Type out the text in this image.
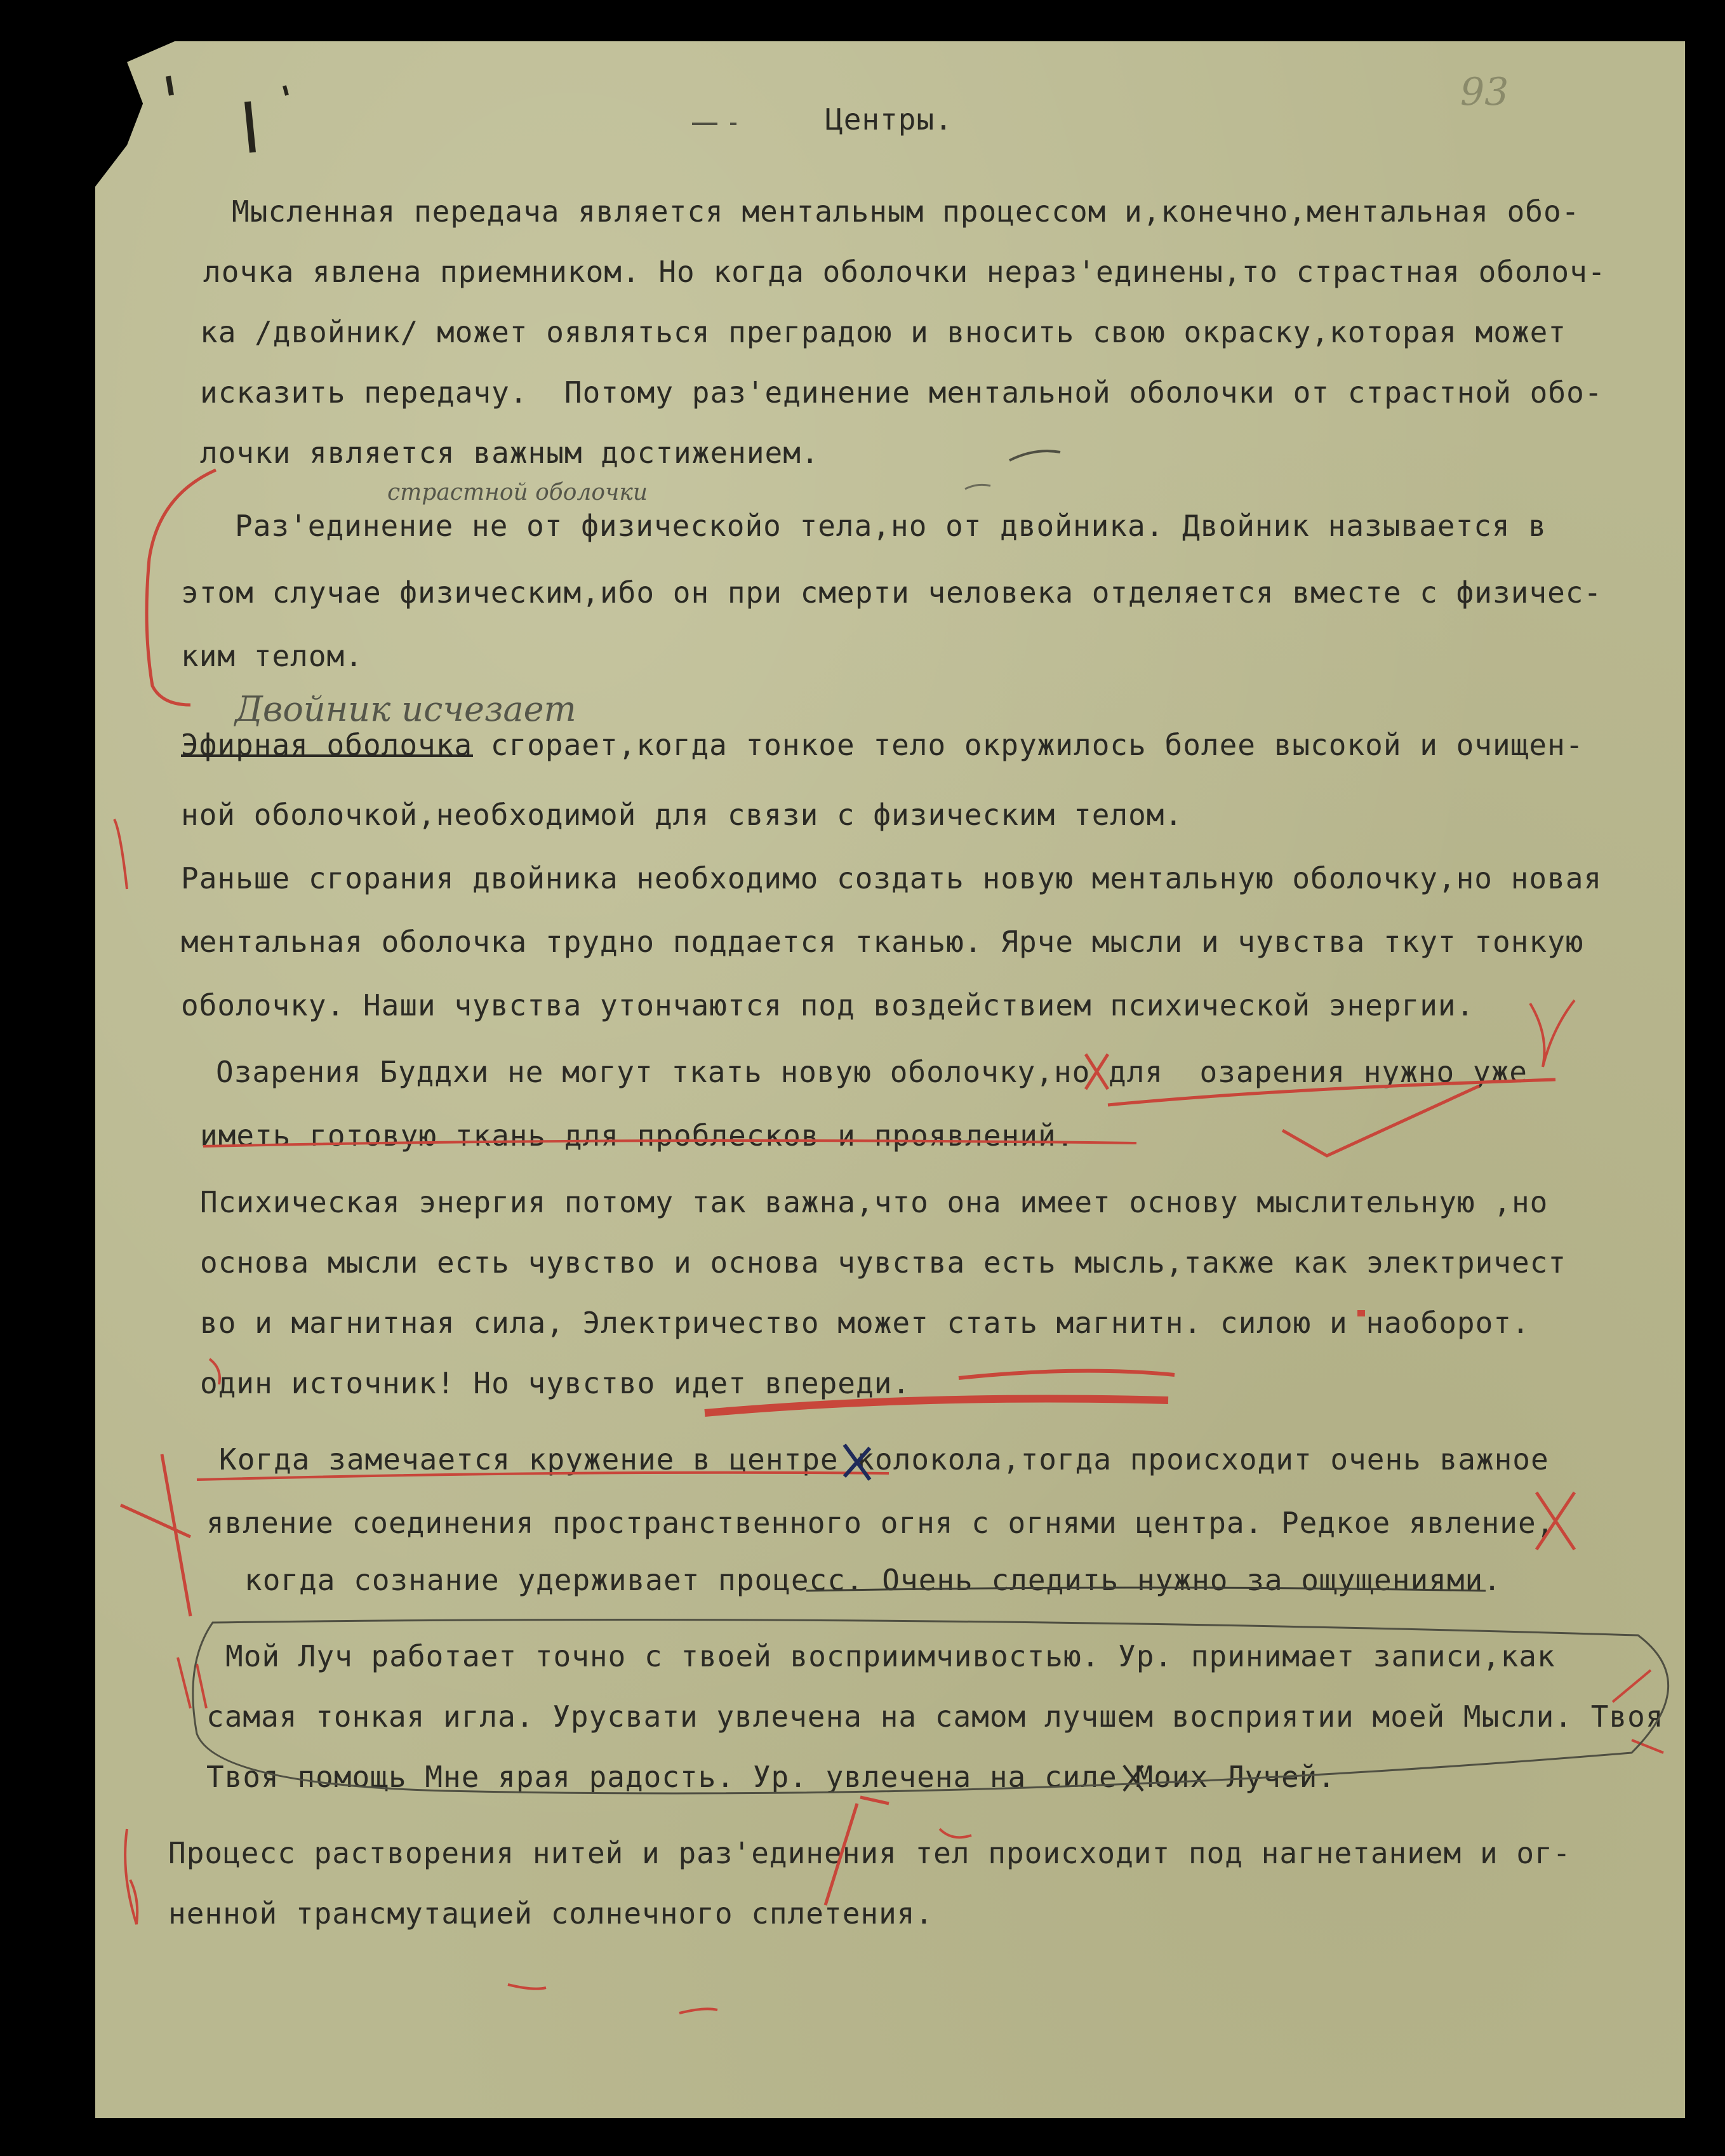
93
Центры.

Мысленная передача является ментальным процессом и,конечно,ментальная обо-

лочка явлена приемником. Но когда оболочки нераз'единены,то страстная оболоч-

ка /двойник/ может оявляться преградою и вносить свою окраску,которая может

исказить передачу.  Потому раз'единение ментальной оболочки от страстной обо-

лочки является важным достижением.

Раз'единение не от физическойо тела,но от двойника. Двойник называется в

этом случае физическим,ибо он при смерти человека отделяется вместе с физичес-

ким телом.

Эфирная оболочка сгорает,когда тонкое тело окружилось более высокой и очищен-

ной оболочкой,необходимой для связи с физическим телом.

Раньше сгорания двойника необходимо создать новую ментальную оболочку,но новая

ментальная оболочка трудно поддается тканью. Ярче мысли и чувства ткут тонкую

оболочку. Наши чувства утончаются под воздействием психической энергии.

Озарения Буддхи не могут ткать новую оболочку,но для  озарения нужно уже

иметь готовую ткань для проблесков и проявлений.

Психическая энергия потому так важна,что она имеет основу мыслительную ,но

основа мысли есть чувство и основа чувства есть мысль,также как электричест

во и магнитная сила, Электричество может стать магнитн. силою и наоборот.

один источник! Но чувство идет впереди.

Когда замечается кружение в центре колокола,тогда происходит очень важное

явление соединения пространственного огня с огнями центра. Редкое явление,

когда сознание удерживает процесс. Очень следить нужно за ощущениями.

Мой Луч работает точно с твоей восприимчивостью. Ур. принимает записи,как

самая тонкая игла. Урусвати увлечена на самом лучшем восприятии моей Мысли. Твоя

Твоя помощь Мне ярая радость. Ур. увлечена на силе Моих Лучей.

Процесс растворения нитей и раз'единения тел происходит под нагнетанием и ог-

ненной трансмутацией солнечного сплетения.

страстной оболочки
Двойник исчезает
